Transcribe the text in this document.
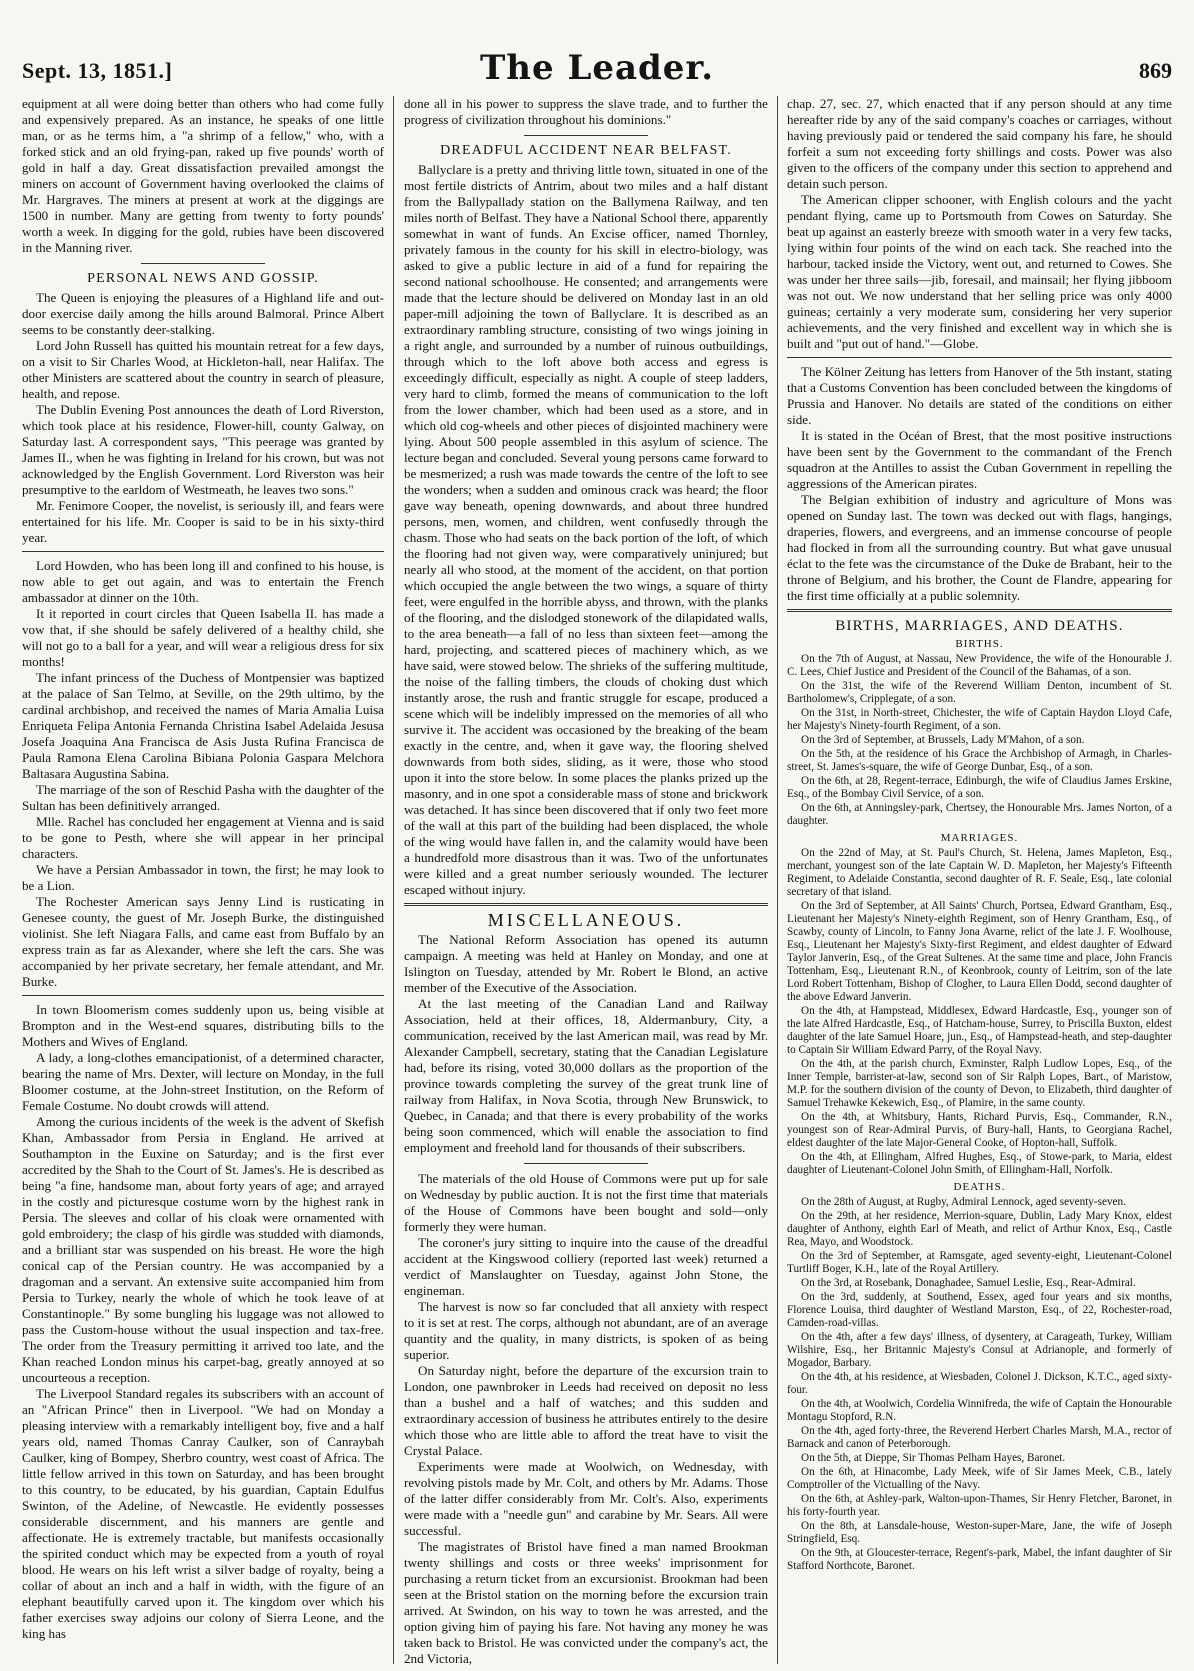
Sept. 13, 1851.]	The Leader.	869

equipment at all were doing better than others who had come fully and expensively prepared. As an instance, he speaks of one little man, or as he terms him, a "a shrimp of a fellow," who, with a forked stick and an old frying-pan, raked up five pounds' worth of gold in half a day. Great dissatisfaction prevailed amongst the miners on account of Government having overlooked the claims of Mr. Hargraves. The miners at present at work at the diggings are 1500 in number. Many are getting from twenty to forty pounds' worth a week. In digging for the gold, rubies have been discovered in the Manning river.

PERSONAL NEWS AND GOSSIP.

The Queen is enjoying the pleasures of a Highland life and out-door exercise daily among the hills around Balmoral. Prince Albert seems to be constantly deer-stalking.

Lord John Russell has quitted his mountain retreat for a few days, on a visit to Sir Charles Wood, at Hickleton-hall, near Halifax. The other Ministers are scattered about the country in search of pleasure, health, and repose.

The Dublin Evening Post announces the death of Lord Riverston, which took place at his residence, Flower-hill, county Galway, on Saturday last. A correspondent says, "This peerage was granted by James II., when he was fighting in Ireland for his crown, but was not acknowledged by the English Government. Lord Riverston was heir presumptive to the earldom of Westmeath, he leaves two sons."

Mr. Fenimore Cooper, the novelist, is seriously ill, and fears were entertained for his life. Mr. Cooper is said to be in his sixty-third year.

Lord Howden, who has been long ill and confined to his house, is now able to get out again, and was to entertain the French ambassador at dinner on the 10th.

It it reported in court circles that Queen Isabella II. has made a vow that, if she should be safely delivered of a healthy child, she will not go to a ball for a year, and will wear a religious dress for six months!

The infant princess of the Duchess of Montpensier was baptized at the palace of San Telmo, at Seville, on the 29th ultimo, by the cardinal archbishop, and received the names of Maria Amalia Luisa Enriqueta Felipa Antonia Fernanda Christina Isabel Adelaida Jesusa Josefa Joaquina Ana Francisca de Asis Justa Rufina Francisca de Paula Ramona Elena Carolina Bibiana Polonia Gaspara Melchora Baltasara Augustina Sabina.

The marriage of the son of Reschid Pasha with the daughter of the Sultan has been definitively arranged.

Mlle. Rachel has concluded her engagement at Vienna and is said to be gone to Pesth, where she will appear in her principal characters.

We have a Persian Ambassador in town, the first; he may look to be a Lion.

The Rochester American says Jenny Lind is rusticating in Genesee county, the guest of Mr. Joseph Burke, the distinguished violinist. She left Niagara Falls, and came east from Buffalo by an express train as far as Alexander, where she left the cars. She was accompanied by her private secretary, her female attendant, and Mr. Burke.

In town Bloomerism comes suddenly upon us, being visible at Brompton and in the West-end squares, distributing bills to the Mothers and Wives of England.

A lady, a long-clothes emancipationist, of a determined character, bearing the name of Mrs. Dexter, will lecture on Monday, in the full Bloomer costume, at the John-street Institution, on the Reform of Female Costume. No doubt crowds will attend.

Among the curious incidents of the week is the advent of Skefish Khan, Ambassador from Persia in England. He arrived at Southampton in the Euxine on Saturday; and is the first ever accredited by the Shah to the Court of St. James's. He is described as being "a fine, handsome man, about forty years of age; and arrayed in the costly and picturesque costume worn by the highest rank in Persia. The sleeves and collar of his cloak were ornamented with gold embroidery; the clasp of his girdle was studded with diamonds, and a brilliant star was suspended on his breast. He wore the high conical cap of the Persian country. He was accompanied by a dragoman and a servant. An extensive suite accompanied him from Persia to Turkey, nearly the whole of which he took leave of at Constantinople." By some bungling his luggage was not allowed to pass the Custom-house without the usual inspection and tax-free. The order from the Treasury permitting it arrived too late, and the Khan reached London minus his carpet-bag, greatly annoyed at so uncourteous a reception.

The Liverpool Standard regales its subscribers with an account of an "African Prince" then in Liverpool. "We had on Monday a pleasing interview with a remarkably intelligent boy, five and a half years old, named Thomas Canray Caulker, son of Canraybah Caulker, king of Bompey, Sherbro country, west coast of Africa. The little fellow arrived in this town on Saturday, and has been brought to this country, to be educated, by his guardian, Captain Edulfus Swinton, of the Adeline, of Newcastle. He evidently possesses considerable discernment, and his manners are gentle and affectionate. He is extremely tractable, but manifests occasionally the spirited conduct which may be expected from a youth of royal blood. He wears on his left wrist a silver badge of royalty, being a collar of about an inch and a half in width, with the figure of an elephant beautifully carved upon it. The kingdom over which his father exercises sway adjoins our colony of Sierra Leone, and the king has

done all in his power to suppress the slave trade, and to further the progress of civilization throughout his dominions."

DREADFUL ACCIDENT NEAR BELFAST.

Ballyclare is a pretty and thriving little town, situated in one of the most fertile districts of Antrim, about two miles and a half distant from the Ballypallady station on the Ballymena Railway, and ten miles north of Belfast. They have a National School there, apparently somewhat in want of funds. An Excise officer, named Thornley, privately famous in the county for his skill in electro-biology, was asked to give a public lecture in aid of a fund for repairing the second national schoolhouse. He consented; and arrangements were made that the lecture should be delivered on Monday last in an old paper-mill adjoining the town of Ballyclare. It is described as an extraordinary rambling structure, consisting of two wings joining in a right angle, and surrounded by a number of ruinous outbuildings, through which to the loft above both access and egress is exceedingly difficult, especially as night. A couple of steep ladders, very hard to climb, formed the means of communication to the loft from the lower chamber, which had been used as a store, and in which old cog-wheels and other pieces of disjointed machinery were lying. About 500 people assembled in this asylum of science. The lecture began and concluded. Several young persons came forward to be mesmerized; a rush was made towards the centre of the loft to see the wonders; when a sudden and ominous crack was heard; the floor gave way beneath, opening downwards, and about three hundred persons, men, women, and children, went confusedly through the chasm. Those who had seats on the back portion of the loft, of which the flooring had not given way, were comparatively uninjured; but nearly all who stood, at the moment of the accident, on that portion which occupied the angle between the two wings, a square of thirty feet, were engulfed in the horrible abyss, and thrown, with the planks of the flooring, and the dislodged stonework of the dilapidated walls, to the area beneath—a fall of no less than sixteen feet—among the hard, projecting, and scattered pieces of machinery which, as we have said, were stowed below. The shrieks of the suffering multitude, the noise of the falling timbers, the clouds of choking dust which instantly arose, the rush and frantic struggle for escape, produced a scene which will be indelibly impressed on the memories of all who survive it. The accident was occasioned by the breaking of the beam exactly in the centre, and, when it gave way, the flooring shelved downwards from both sides, sliding, as it were, those who stood upon it into the store below. In some places the planks prized up the masonry, and in one spot a considerable mass of stone and brickwork was detached. It has since been discovered that if only two feet more of the wall at this part of the building had been displaced, the whole of the wing would have fallen in, and the calamity would have been a hundredfold more disastrous than it was. Two of the unfortunates were killed and a great number seriously wounded. The lecturer escaped without injury.

MISCELLANEOUS.

The National Reform Association has opened its autumn campaign. A meeting was held at Hanley on Monday, and one at Islington on Tuesday, attended by Mr. Robert le Blond, an active member of the Executive of the Association.

At the last meeting of the Canadian Land and Railway Association, held at their offices, 18, Aldermanbury, City, a communication, received by the last American mail, was read by Mr. Alexander Campbell, secretary, stating that the Canadian Legislature had, before its rising, voted 30,000 dollars as the proportion of the province towards completing the survey of the great trunk line of railway from Halifax, in Nova Scotia, through New Brunswick, to Quebec, in Canada; and that there is every probability of the works being soon commenced, which will enable the association to find employment and freehold land for thousands of their subscribers.

The materials of the old House of Commons were put up for sale on Wednesday by public auction. It is not the first time that materials of the House of Commons have been bought and sold—only formerly they were human.

The coroner's jury sitting to inquire into the cause of the dreadful accident at the Kingswood colliery (reported last week) returned a verdict of Manslaughter on Tuesday, against John Stone, the engineman.

The harvest is now so far concluded that all anxiety with respect to it is set at rest. The corps, although not abundant, are of an average quantity and the quality, in many districts, is spoken of as being superior.

On Saturday night, before the departure of the excursion train to London, one pawnbroker in Leeds had received on deposit no less than a bushel and a half of watches; and this sudden and extraordinary accession of business he attributes entirely to the desire which those who are little able to afford the treat have to visit the Crystal Palace.

Experiments were made at Woolwich, on Wednesday, with revolving pistols made by Mr. Colt, and others by Mr. Adams. Those of the latter differ considerably from Mr. Colt's. Also, experiments were made with a "needle gun" and carabine by Mr. Sears. All were successful.

The magistrates of Bristol have fined a man named Brookman twenty shillings and costs or three weeks' imprisonment for purchasing a return ticket from an excursionist. Brookman had been seen at the Bristol station on the morning before the excursion train arrived. At Swindon, on his way to town he was arrested, and the option giving him of paying his fare. Not having any money he was taken back to Bristol. He was convicted under the company's act, the 2nd Victoria,

chap. 27, sec. 27, which enacted that if any person should at any time hereafter ride by any of the said company's coaches or carriages, without having previously paid or tendered the said company his fare, he should forfeit a sum not exceeding forty shillings and costs. Power was also given to the officers of the company under this section to apprehend and detain such person.

The American clipper schooner, with English colours and the yacht pendant flying, came up to Portsmouth from Cowes on Saturday. She beat up against an easterly breeze with smooth water in a very few tacks, lying within four points of the wind on each tack. She reached into the harbour, tacked inside the Victory, went out, and returned to Cowes. She was under her three sails—jib, foresail, and mainsail; her flying jibboom was not out. We now understand that her selling price was only 4000 guineas; certainly a very moderate sum, considering her very superior achievements, and the very finished and excellent way in which she is built and "put out of hand."—Globe.

The Kölner Zeitung has letters from Hanover of the 5th instant, stating that a Customs Convention has been concluded between the kingdoms of Prussia and Hanover. No details are stated of the conditions on either side.

It is stated in the Océan of Brest, that the most positive instructions have been sent by the Government to the commandant of the French squadron at the Antilles to assist the Cuban Government in repelling the aggressions of the American pirates.

The Belgian exhibition of industry and agriculture of Mons was opened on Sunday last. The town was decked out with flags, hangings, draperies, flowers, and evergreens, and an immense concourse of people had flocked in from all the surrounding country. But what gave unusual éclat to the fete was the circumstance of the Duke de Brabant, heir to the throne of Belgium, and his brother, the Count de Flandre, appearing for the first time officially at a public solemnity.

BIRTHS, MARRIAGES, AND DEATHS.
BIRTHS.

On the 7th of August, at Nassau, New Providence, the wife of the Honourable J. C. Lees, Chief Justice and President of the Council of the Bahamas, of a son.

On the 31st, the wife of the Reverend William Denton, incumbent of St. Bartholomew's, Cripplegate, of a son.

On the 31st, in North-street, Chichester, the wife of Captain Haydon Lloyd Cafe, her Majesty's Ninety-fourth Regiment, of a son.

On the 3rd of September, at Brussels, Lady M'Mahon, of a son.

On the 5th, at the residence of his Grace the Archbishop of Armagh, in Charles-street, St. James's-square, the wife of George Dunbar, Esq., of a son.

On the 6th, at 28, Regent-terrace, Edinburgh, the wife of Claudius James Erskine, Esq., of the Bombay Civil Service, of a son.

On the 6th, at Anningsley-park, Chertsey, the Honourable Mrs. James Norton, of a daughter.

MARRIAGES.

On the 22nd of May, at St. Paul's Church, St. Helena, James Mapleton, Esq., merchant, youngest son of the late Captain W. D. Mapleton, her Majesty's Fifteenth Regiment, to Adelaide Constantia, second daughter of R. F. Seale, Esq., late colonial secretary of that island.

On the 3rd of September, at All Saints' Church, Portsea, Edward Grantham, Esq., Lieutenant her Majesty's Ninety-eighth Regiment, son of Henry Grantham, Esq., of Scawby, county of Lincoln, to Fanny Jona Avarne, relict of the late J. F. Woolhouse, Esq., Lieutenant her Majesty's Sixty-first Regiment, and eldest daughter of Edward Taylor Janverin, Esq., of the Great Sultenes. At the same time and place, John Francis Tottenham, Esq., Lieutenant R.N., of Keonbrook, county of Leitrim, son of the late Lord Robert Tottenham, Bishop of Clogher, to Laura Ellen Dodd, second daughter of the above Edward Janverin.

On the 4th, at Hampstead, Middlesex, Edward Hardcastle, Esq., younger son of the late Alfred Hardcastle, Esq., of Hatcham-house, Surrey, to Priscilla Buxton, eldest daughter of the late Samuel Hoare, jun., Esq., of Hampstead-heath, and step-daughter to Captain Sir William Edward Parry, of the Royal Navy.

On the 4th, at the parish church, Exminster, Ralph Ludlow Lopes, Esq., of the Inner Temple, barrister-at-law, second son of Sir Ralph Lopes, Bart., of Maristow, M.P. for the southern division of the county of Devon, to Elizabeth, third daughter of Samuel Trehawke Kekewich, Esq., of Plamire, in the same county.

On the 4th, at Whitsbury, Hants, Richard Purvis, Esq., Commander, R.N., youngest son of Rear-Admiral Purvis, of Bury-hall, Hants, to Georgiana Rachel, eldest daughter of the late Major-General Cooke, of Hopton-hall, Suffolk.

On the 4th, at Ellingham, Alfred Hughes, Esq., of Stowe-park, to Maria, eldest daughter of Lieutenant-Colonel John Smith, of Ellingham-Hall, Norfolk.

DEATHS.

On the 28th of August, at Rugby, Admiral Lennock, aged seventy-seven.

On the 29th, at her residence, Merrion-square, Dublin, Lady Mary Knox, eldest daughter of Anthony, eighth Earl of Meath, and relict of Arthur Knox, Esq., Castle Rea, Mayo, and Woodstock.

On the 3rd of September, at Ramsgate, aged seventy-eight, Lieutenant-Colonel Turtliff Boger, K.H., late of the Royal Artillery.

On the 3rd, at Rosebank, Donaghadee, Samuel Leslie, Esq., Rear-Admiral.

On the 3rd, suddenly, at Southend, Essex, aged four years and six months, Florence Louisa, third daughter of Westland Marston, Esq., of 22, Rochester-road, Camden-road-villas.

On the 4th, after a few days' illness, of dysentery, at Carageath, Turkey, William Wilshire, Esq., her Britannic Majesty's Consul at Adrianople, and formerly of Mogador, Barbary.

On the 4th, at his residence, at Wiesbaden, Colonel J. Dickson, K.T.C., aged sixty-four.

On the 4th, at Woolwich, Cordelia Winnifreda, the wife of Captain the Honourable Montagu Stopford, R.N.

On the 4th, aged forty-three, the Reverend Herbert Charles Marsh, M.A., rector of Barnack and canon of Peterborough.

On the 5th, at Dieppe, Sir Thomas Pelham Hayes, Baronet.

On the 6th, at Hinacombe, Lady Meek, wife of Sir James Meek, C.B., lately Comptroller of the Victualling of the Navy.

On the 6th, at Ashley-park, Walton-upon-Thames, Sir Henry Fletcher, Baronet, in his forty-fourth year.

On the 8th, at Lansdale-house, Weston-super-Mare, Jane, the wife of Joseph Stringfield, Esq.

On the 9th, at Gloucester-terrace, Regent's-park, Mabel, the infant daughter of Sir Stafford Northcote, Baronet.
